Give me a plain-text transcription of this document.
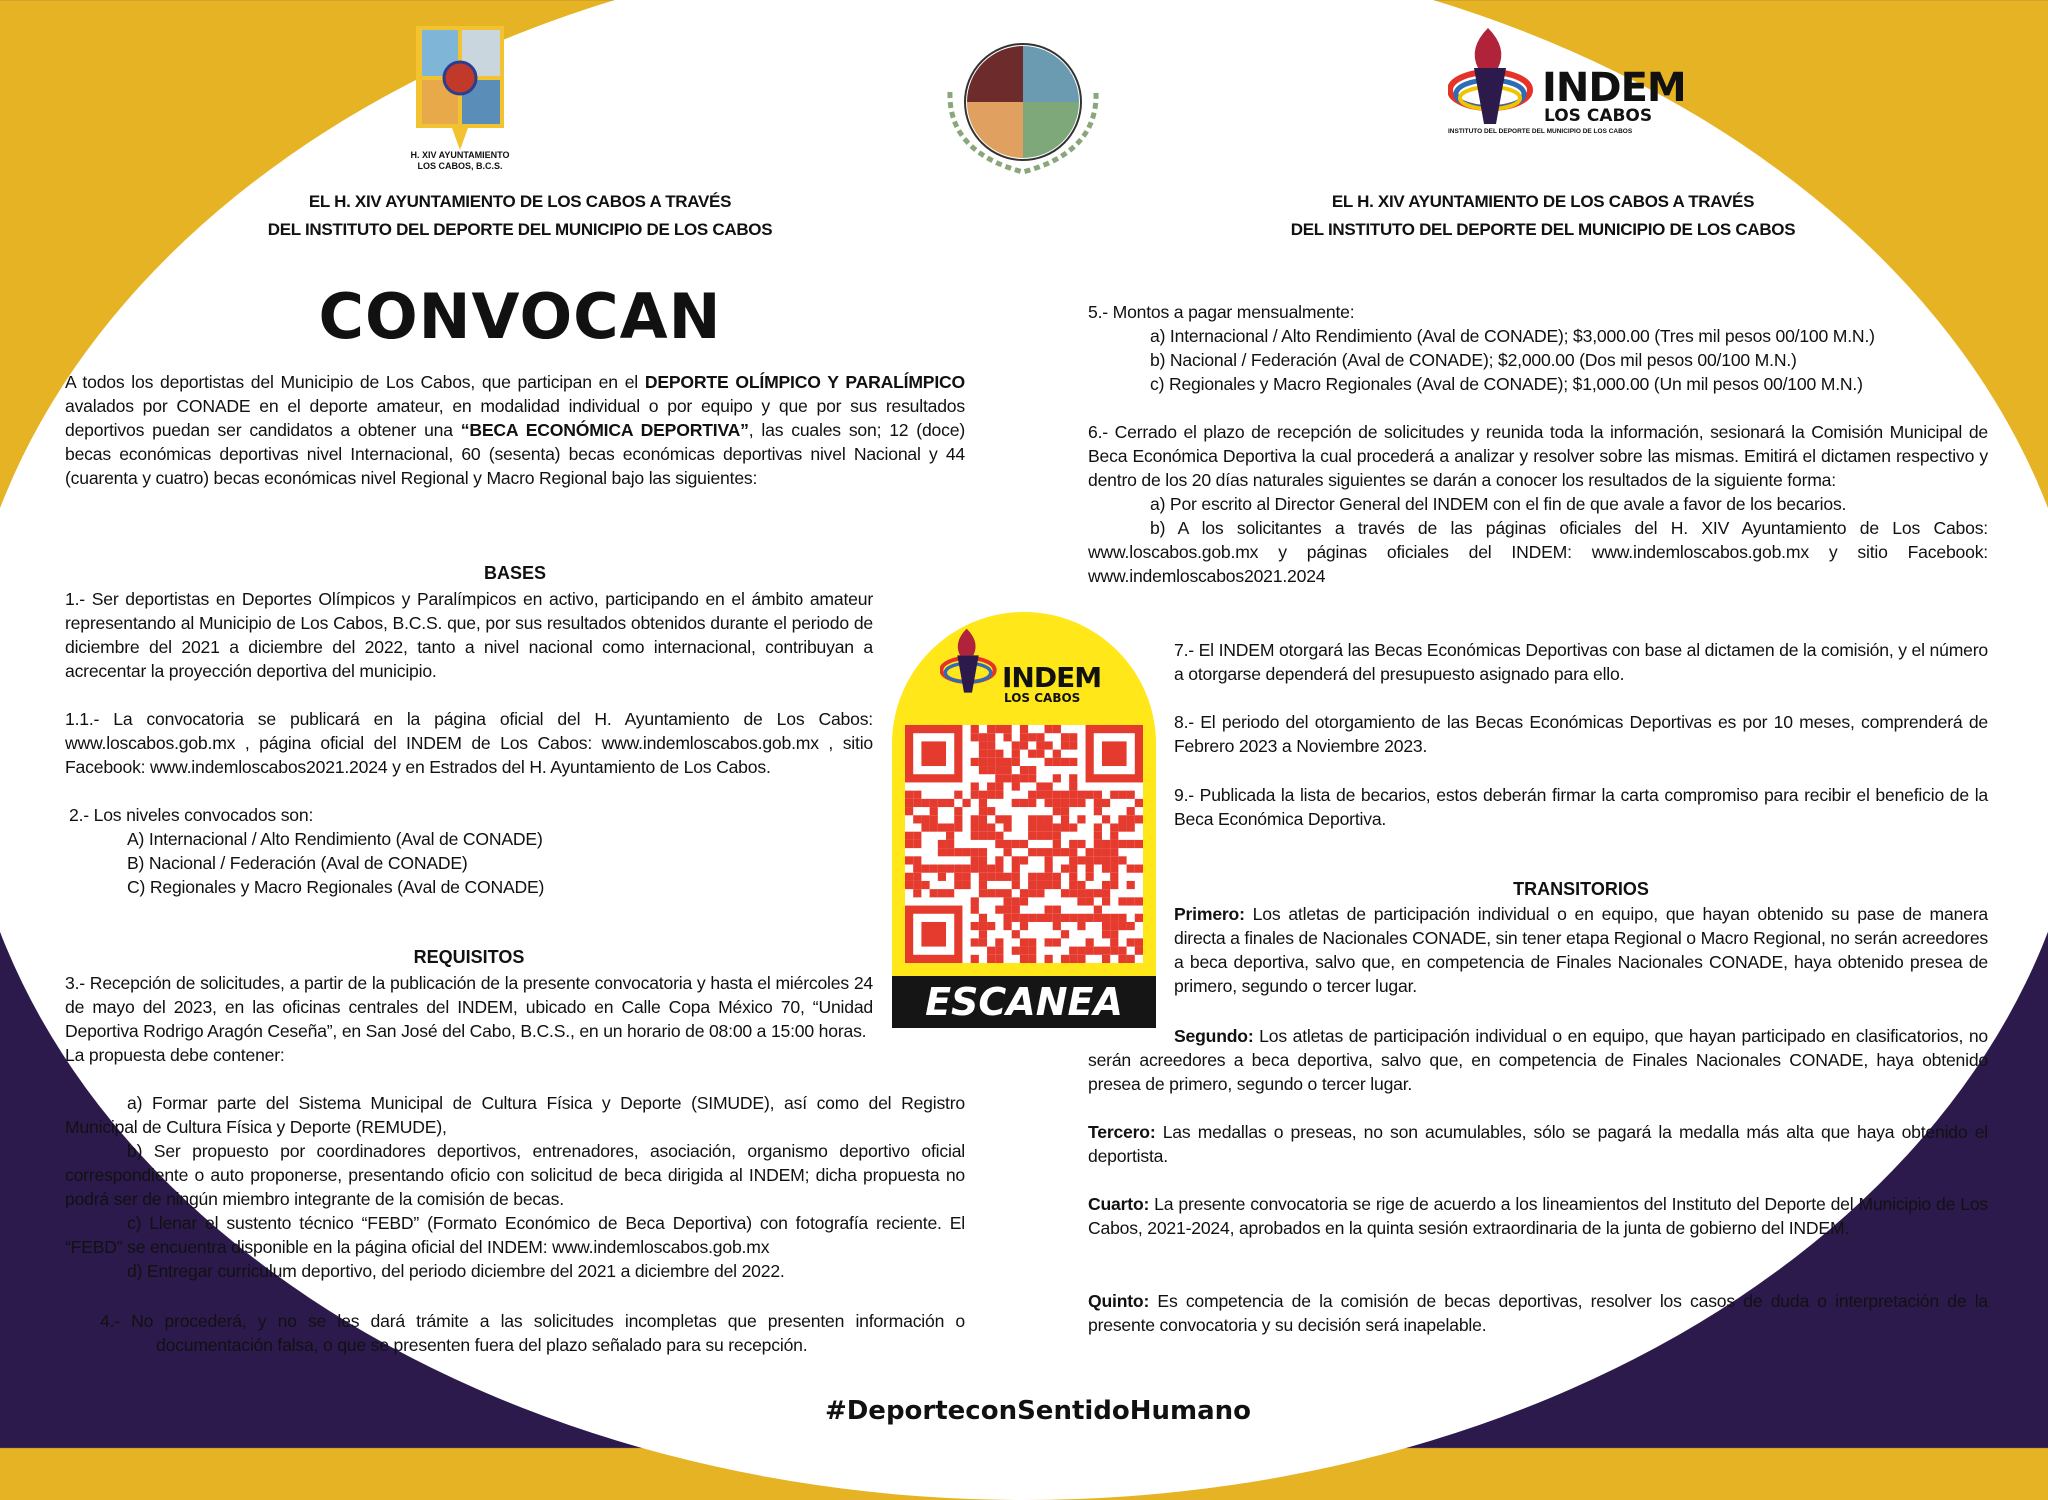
H. XIV AYUNTAMIENTO
LOS CABOS, B.C.S.
INDEM
LOS CABOS
INSTITUTO DEL DEPORTE DEL MUNICIPIO DE LOS CABOS
EL H. XIV AYUNTAMIENTO DE LOS CABOS A TRAVÉS
DEL INSTITUTO DEL DEPORTE DEL MUNICIPIO DE LOS CABOS
EL H. XIV AYUNTAMIENTO DE LOS CABOS A TRAVÉS
DEL INSTITUTO DEL DEPORTE DEL MUNICIPIO DE LOS CABOS
CONVOCAN

A todos los deportistas del Municipio de Los Cabos, que participan en el DEPORTE OLÍMPICO Y PARALÍMPICO avalados por CONADE en el deporte amateur, en modalidad individual o por equipo y que por sus resultados deportivos puedan ser candidatos a obtener una “BECA ECONÓMICA DEPORTIVA”, las cuales son; 12 (doce) becas económicas deportivas nivel Internacional, 60 (sesenta) becas económicas deportivas nivel Nacional y 44 (cuarenta y cuatro) becas económicas nivel Regional y Macro Regional bajo las siguientes:

BASES

1.- Ser deportistas en Deportes Olímpicos y Paralímpicos en activo, participando en el ámbito amateur representando al Municipio de Los Cabos, B.C.S. que, por sus resultados obtenidos durante el periodo de diciembre del 2021 a diciembre del 2022, tanto a nivel nacional como internacional, contribuyan a acrecentar la proyección deportiva del municipio.

1.1.- La convocatoria se publicará en la página oficial del H. Ayuntamiento de Los Cabos: www.loscabos.gob.mx , página oficial del INDEM de Los Cabos: www.indemloscabos.gob.mx , sitio Facebook: www.indemloscabos2021.2024 y en Estrados del H. Ayuntamiento de Los Cabos.

2.- Los niveles convocados son:

A) Internacional / Alto Rendimiento (Aval de CONADE)

B) Nacional / Federación (Aval de CONADE)

C) Regionales y Macro Regionales (Aval de CONADE)

REQUISITOS

3.- Recepción de solicitudes, a partir de la publicación de la presente convocatoria y hasta el miércoles 24 de mayo del 2023, en las oficinas centrales del INDEM, ubicado en Calle Copa México 70, “Unidad Deportiva Rodrigo Aragón Ceseña”, en San José del Cabo, B.C.S., en un horario de 08:00 a 15:00 horas.

La propuesta debe contener:

a) Formar parte del Sistema Municipal de Cultura Física y Deporte (SIMUDE), así como del Registro Municipal de Cultura Física y Deporte (REMUDE),

b) Ser propuesto por coordinadores deportivos, entrenadores, asociación, organismo deportivo oficial correspondiente o auto proponerse, presentando oficio con solicitud de beca dirigida al INDEM; dicha propuesta no podrá ser de ningún miembro integrante de la comisión de becas.

c) Llenar el sustento técnico “FEBD” (Formato Económico de Beca Deportiva) con fotografía reciente. El “FEBD” se encuentra disponible en la página oficial del INDEM: www.indemloscabos.gob.mx

d) Entregar curriculum deportivo, del periodo diciembre del 2021 a diciembre del 2022.

4.- No procederá, y no se les dará trámite a las solicitudes incompletas que presenten información o documentación falsa, o que se presenten fuera del plazo señalado para su recepción.

INDEM
LOS CABOS
ESCANEA

5.- Montos a pagar mensualmente:

a) Internacional / Alto Rendimiento (Aval de CONADE); $3,000.00 (Tres mil pesos 00/100 M.N.)

b) Nacional / Federación (Aval de CONADE); $2,000.00 (Dos mil pesos 00/100 M.N.)

c) Regionales y Macro Regionales (Aval de CONADE); $1,000.00 (Un mil pesos 00/100 M.N.)

6.- Cerrado el plazo de recepción de solicitudes y reunida toda la información, sesionará la Comisión Municipal de Beca Económica Deportiva la cual procederá a analizar y resolver sobre las mismas. Emitirá el dictamen respectivo y dentro de los 20 días naturales siguientes se darán a conocer los resultados de la siguiente forma:

a) Por escrito al Director General del INDEM con el fin de que avale a favor de los becarios.

b) A los solicitantes a través de las páginas oficiales del H. XIV Ayuntamiento de Los Cabos: www.loscabos.gob.mx y páginas oficiales del INDEM: www.indemloscabos.gob.mx y sitio Facebook: www.indemloscabos2021.2024

7.- El INDEM otorgará las Becas Económicas Deportivas con base al dictamen de la comisión, y el número a otorgarse dependerá del presupuesto asignado para ello.

8.- El periodo del otorgamiento de las Becas Económicas Deportivas es por 10 meses, comprenderá de Febrero 2023 a Noviembre 2023.

9.- Publicada la lista de becarios, estos deberán firmar la carta compromiso para recibir el beneficio de la Beca Económica Deportiva.

TRANSITORIOS

Primero: Los atletas de participación individual o en equipo, que hayan obtenido su pase de manera directa a finales de Nacionales CONADE, sin tener etapa Regional o Macro Regional, no serán acreedores a beca deportiva, salvo que, en competencia de Finales Nacionales CONADE, haya obtenido presea de primero, segundo o tercer lugar.

Segundo: Los atletas de participación individual o en equipo, que hayan participado en clasificatorios, no serán acreedores a beca deportiva, salvo que, en competencia de Finales Nacionales CONADE, haya obtenido presea de primero, segundo o tercer lugar.

Tercero: Las medallas o preseas, no son acumulables, sólo se pagará la medalla más alta que haya obtenido el deportista.

Cuarto: La presente convocatoria se rige de acuerdo a los lineamientos del Instituto del Deporte del Municipio de Los Cabos, 2021-2024, aprobados en la quinta sesión extraordinaria de la junta de gobierno del INDEM.

Quinto: Es competencia de la comisión de becas deportivas, resolver los casos de duda o interpretación de la presente convocatoria y su decisión será inapelable.

#DeporteconSentidoHumano
